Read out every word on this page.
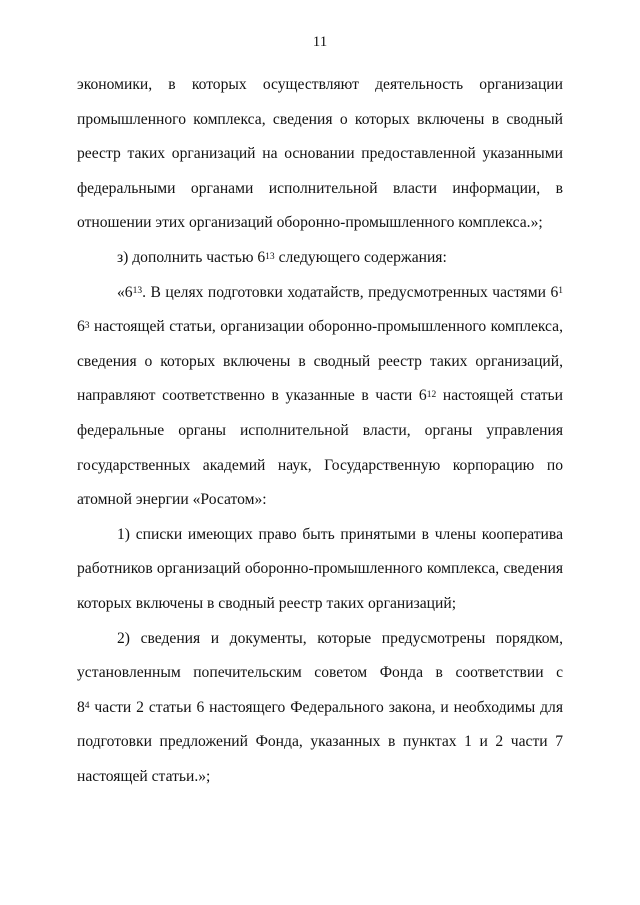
11
экономики, в которых осуществляют деятельность организации
промышленного комплекса, сведения о которых включены в сводный
реестр таких организаций на основании предоставленной указанными
федеральными органами исполнительной власти информации, в
отношении этих организаций оборонно-промышленного комплекса.»;
з) дополнить частью $6^{13}$ следующего содержания:
«$6^{13}$. В целях подготовки ходатайств, предусмотренных частями $6^1$
$6^3$ настоящей статьи, организации оборонно-промышленного комплекса,
сведения о которых включены в сводный реестр таких организаций,
направляют соответственно в указанные в части $6^{12}$ настоящей статьи
федеральные органы исполнительной власти, органы управления
государственных академий наук, Государственную корпорацию по
атомной энергии «Росатом»:
1) списки имеющих право быть принятыми в члены кооператива
работников организаций оборонно-промышленного комплекса, сведения
которых включены в сводный реестр таких организаций;
2) сведения и документы, которые предусмотрены порядком,
установленным попечительским советом Фонда в соответствии с
$8^4$ части 2 статьи 6 настоящего Федерального закона, и необходимы для
подготовки предложений Фонда, указанных в пунктах 1 и 2 части 7
настоящей статьи.»;
